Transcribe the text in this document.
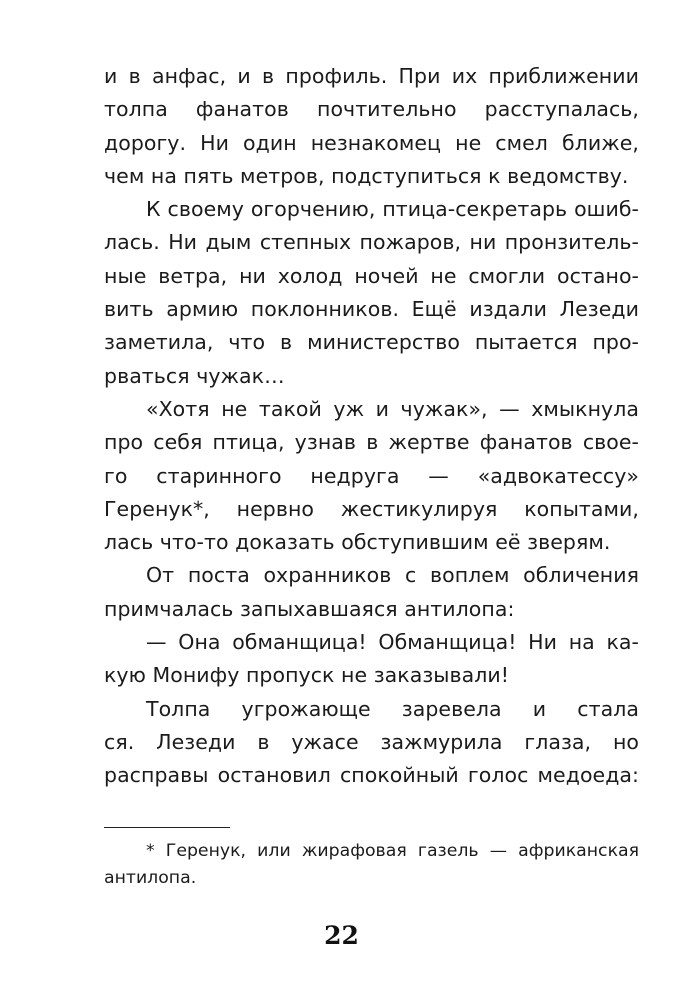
и в анфас, и в профиль. При их приближении
толпа фанатов почтительно расступалась,
дорогу. Ни один незнакомец не смел ближе,
чем на пять метров, подступиться к ведомству.
К своему огорчению, птица-секретарь ошиб-
лась. Ни дым степных пожаров, ни пронзитель-
ные ветра, ни холод ночей не смогли остано-
вить армию поклонников. Ещё издали Лезеди
заметила, что в министерство пытается про-
рваться чужак…
«Хотя не такой уж и чужак», — хмыкнула
про себя птица, узнав в жертве фанатов свое-
го старинного недруга — «адвокатессу»
Геренук*, нервно жестикулируя копытами,
лась что-то доказать обступившим её зверям.
От поста охранников с воплем обличения
примчалась запыхавшаяся антилопа:
— Она обманщица! Обманщица! Ни на ка-
кую Монифу пропуск не заказывали!
Толпа угрожающе заревела и стала
ся. Лезеди в ужасе зажмурила глаза, но
расправы остановил спокойный голос медоеда:
* Геренук, или жирафовая газель — африканская
антилопа.
22
